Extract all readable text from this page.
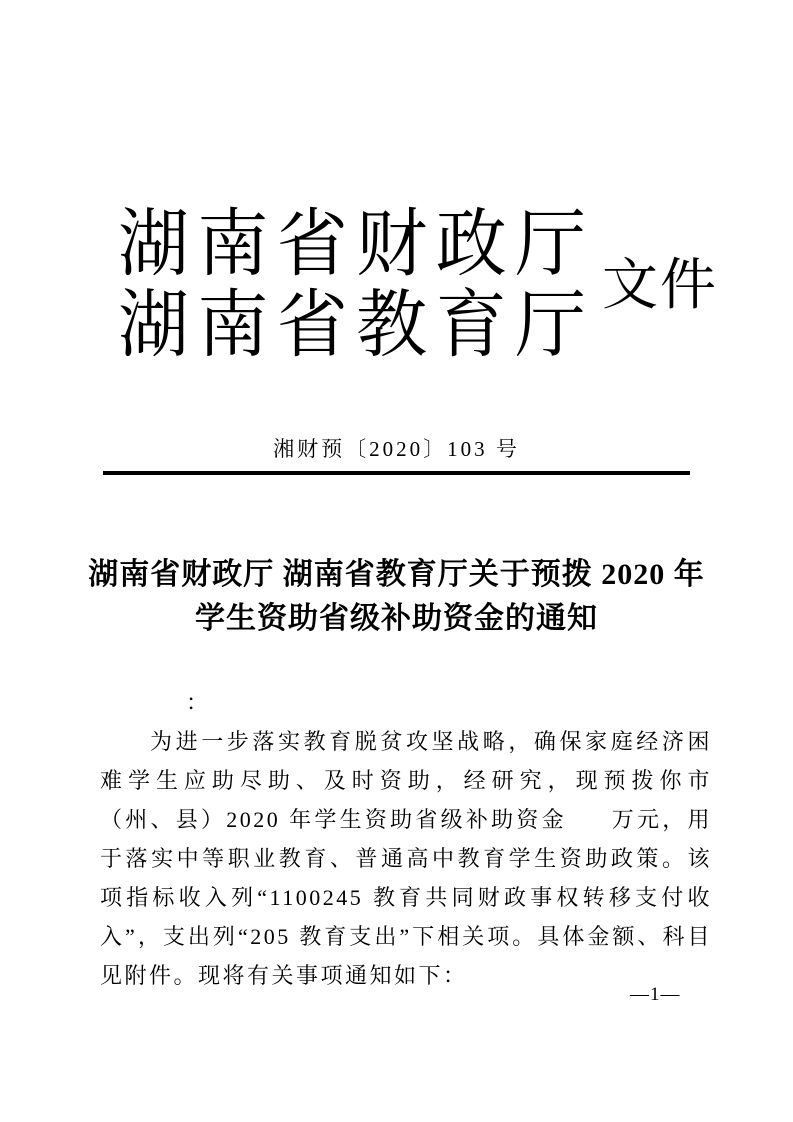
湖 南 省 财 政 厅
湖 南 省 教 育 厅 文件
湘财预〔2020〕103 号
湖南省财政厅 湖南省教育厅关于预拨 2020 年
学生资助省级补助资金的通知
：

为进一步落实教育脱贫攻坚战略，确保家庭经济困难学生应助尽助、及时资助，经研究，现预拨你市（州、县）2020 年学生资助省级补助资金 万元，用于落实中等职业教育、普通高中教育学生资助政策。该项指标收入列“1100245 教育共同财政事权转移支付收入”，支出列“205 教育支出”下相关项。具体金额、科目见附件。现将有关事项通知如下：

—1—
